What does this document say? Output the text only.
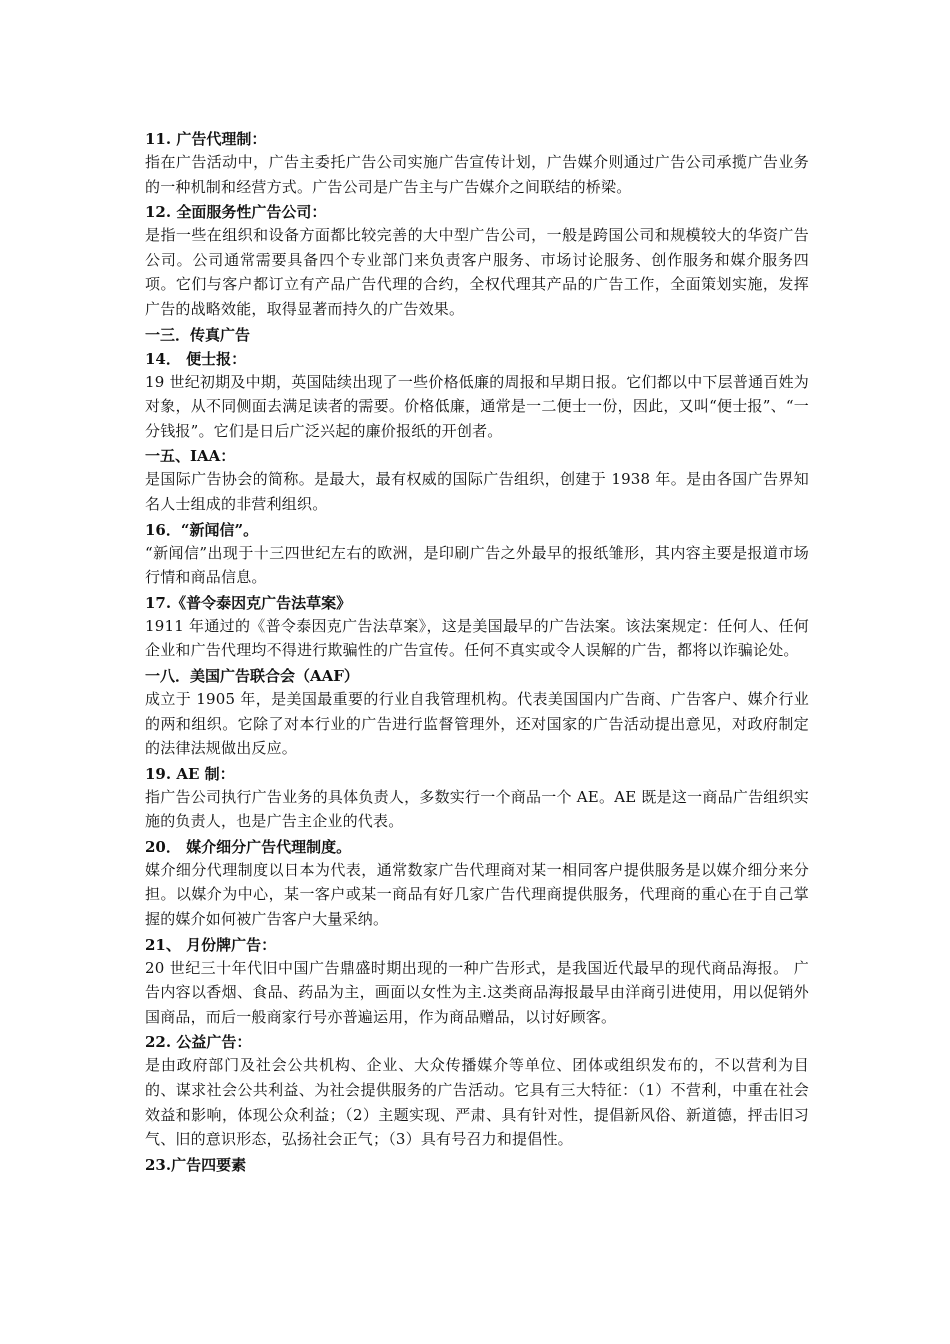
11. 广告代理制：
指在广告活动中，广告主委托广告公司实施广告宣传计划，广告媒介则通过广告公司承揽广告业务的一种机制和经营方式。广告公司是广告主与广告媒介之间联结的桥梁。
12. 全面服务性广告公司：
是指一些在组织和设备方面都比较完善的大中型广告公司，一般是跨国公司和规模较大的华资广告公司。公司通常需要具备四个专业部门来负责客户服务、市场讨论服务、创作服务和媒介服务四项。它们与客户都订立有产品广告代理的合约，全权代理其产品的广告工作，全面策划实施，发挥广告的战略效能，取得显著而持久的广告效果。
一三．传真广告
14． 便士报：
19 世纪初期及中期，英国陆续出现了一些价格低廉的周报和早期日报。它们都以中下层普通百姓为对象，从不同侧面去满足读者的需要。价格低廉，通常是一二便士一份，因此，又叫“便士报”、“一分钱报”。它们是日后广泛兴起的廉价报纸的开创者。
一五、IAA：
是国际广告协会的简称。是最大，最有权威的国际广告组织，创建于 1938 年。是由各国广告界知名人士组成的非营利组织。
16．“新闻信”。
“新闻信”出现于十三四世纪左右的欧洲，是印刷广告之外最早的报纸雏形，其内容主要是报道市场行情和商品信息。
17.《普令泰因克广告法草案》
1911 年通过的《普令泰因克广告法草案》，这是美国最早的广告法案。该法案规定：任何人、任何企业和广告代理均不得进行欺骗性的广告宣传。任何不真实或令人误解的广告，都将以诈骗论处。
一八．美国广告联合会（AAF）
成立于 1905 年，是美国最重要的行业自我管理机构。代表美国国内广告商、广告客户、媒介行业的两和组织。它除了对本行业的广告进行监督管理外，还对国家的广告活动提出意见，对政府制定的法律法规做出反应。
19. AE 制：
指广告公司执行广告业务的具体负责人，多数实行一个商品一个 AE。AE 既是这一商品广告组织实施的负责人，也是广告主企业的代表。
20． 媒介细分广告代理制度。
媒介细分代理制度以日本为代表，通常数家广告代理商对某一相同客户提供服务是以媒介细分来分担。以媒介为中心，某一客户或某一商品有好几家广告代理商提供服务，代理商的重心在于自己掌握的媒介如何被广告客户大量采纳。
21、 月份牌广告：
20 世纪三十年代旧中国广告鼎盛时期出现的一种广告形式，是我国近代最早的现代商品海报。 广告内容以香烟、食品、药品为主，画面以女性为主.这类商品海报最早由洋商引进使用，用以促销外国商品，而后一般商家行号亦普遍运用，作为商品赠品，以讨好顾客。
22. 公益广告：
是由政府部门及社会公共机构、企业、大众传播媒介等单位、团体或组织发布的，不以营利为目的、谋求社会公共利益、为社会提供服务的广告活动。它具有三大特征：（1）不营利，中重在社会效益和影响，体现公众利益；（2）主题实现、严肃、具有针对性，提倡新风俗、新道德，抨击旧习气、旧的意识形态，弘扬社会正气；（3）具有号召力和提倡性。
23.广告四要素
